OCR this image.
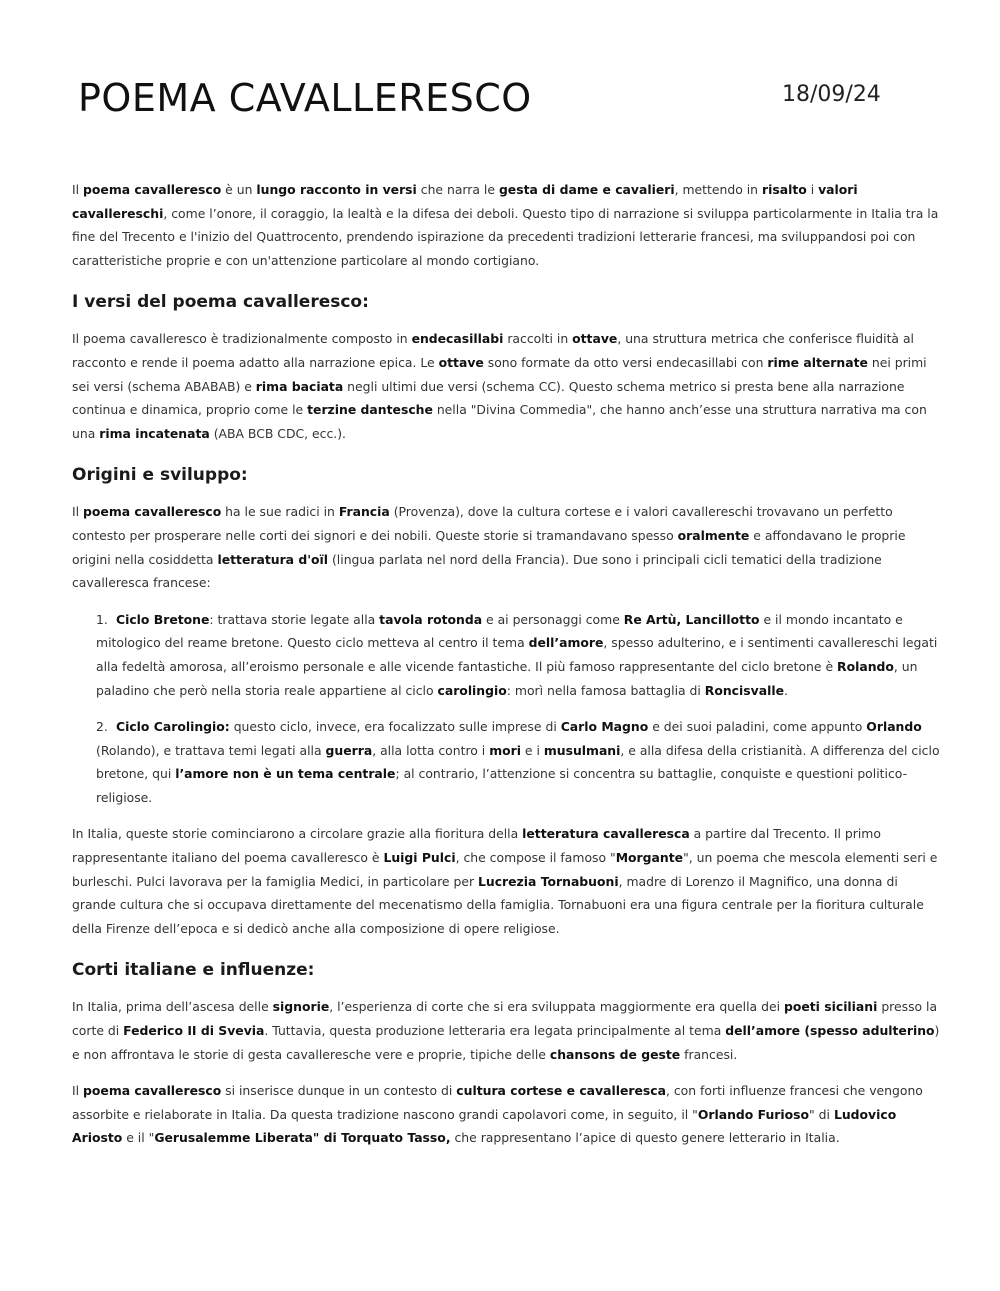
POEMA CAVALLERESCO	18/09/24

Il poema cavalleresco è un lungo racconto in versi che narra le gesta di dame e cavalieri, mettendo in risalto i valori cavallereschi, come l’onore, il coraggio, la lealtà e la difesa dei deboli. Questo tipo di narrazione si sviluppa particolarmente in Italia tra la fine del Trecento e l'inizio del Quattrocento, prendendo ispirazione da precedenti tradizioni letterarie francesi, ma sviluppandosi poi con caratteristiche proprie e con un'attenzione particolare al mondo cortigiano.

I versi del poema cavalleresco:

Il poema cavalleresco è tradizionalmente composto in endecasillabi raccolti in ottave, una struttura metrica che conferisce fluidità al racconto e rende il poema adatto alla narrazione epica. Le ottave sono formate da otto versi endecasillabi con rime alternate nei primi sei versi (schema ABABAB) e rima baciata negli ultimi due versi (schema CC). Questo schema metrico si presta bene alla narrazione continua e dinamica, proprio come le terzine dantesche nella "Divina Commedia", che hanno anch’esse una struttura narrativa ma con una rima incatenata (ABA BCB CDC, ecc.).

Origini e sviluppo:

Il poema cavalleresco ha le sue radici in Francia (Provenza), dove la cultura cortese e i valori cavallereschi trovavano un perfetto contesto per prosperare nelle corti dei signori e dei nobili. Queste storie si tramandavano spesso oralmente e affondavano le proprie origini nella cosiddetta letteratura d'oïl (lingua parlata nel nord della Francia). Due sono i principali cicli tematici della tradizione cavalleresca francese:

1. Ciclo Bretone: trattava storie legate alla tavola rotonda e ai personaggi come Re Artù, Lancillotto e il mondo incantato e mitologico del reame bretone. Questo ciclo metteva al centro il tema dell’amore, spesso adulterino, e i sentimenti cavallereschi legati alla fedeltà amorosa, all’eroismo personale e alle vicende fantastiche. Il più famoso rappresentante del ciclo bretone è Rolando, un paladino che però nella storia reale appartiene al ciclo carolingio: morì nella famosa battaglia di Roncisvalle.
2. Ciclo Carolingio: questo ciclo, invece, era focalizzato sulle imprese di Carlo Magno e dei suoi paladini, come appunto Orlando (Rolando), e trattava temi legati alla guerra, alla lotta contro i mori e i musulmani, e alla difesa della cristianità. A differenza del ciclo bretone, qui l’amore non è un tema centrale; al contrario, l’attenzione si concentra su battaglie, conquiste e questioni politico-religiose.

In Italia, queste storie cominciarono a circolare grazie alla fioritura della letteratura cavalleresca a partire dal Trecento. Il primo rappresentante italiano del poema cavalleresco è Luigi Pulci, che compose il famoso "Morgante", un poema che mescola elementi seri e burleschi. Pulci lavorava per la famiglia Medici, in particolare per Lucrezia Tornabuoni, madre di Lorenzo il Magnifico, una donna di grande cultura che si occupava direttamente del mecenatismo della famiglia. Tornabuoni era una figura centrale per la fioritura culturale della Firenze dell’epoca e si dedicò anche alla composizione di opere religiose.

Corti italiane e influenze:

In Italia, prima dell’ascesa delle signorie, l’esperienza di corte che si era sviluppata maggiormente era quella dei poeti siciliani presso la corte di Federico II di Svevia. Tuttavia, questa produzione letteraria era legata principalmente al tema dell’amore (spesso adulterino) e non affrontava le storie di gesta cavalleresche vere e proprie, tipiche delle chansons de geste francesi.

Il poema cavalleresco si inserisce dunque in un contesto di cultura cortese e cavalleresca, con forti influenze francesi che vengono assorbite e rielaborate in Italia. Da questa tradizione nascono grandi capolavori come, in seguito, il "Orlando Furioso" di Ludovico Ariosto e il "Gerusalemme Liberata" di Torquato Tasso, che rappresentano l’apice di questo genere letterario in Italia.
